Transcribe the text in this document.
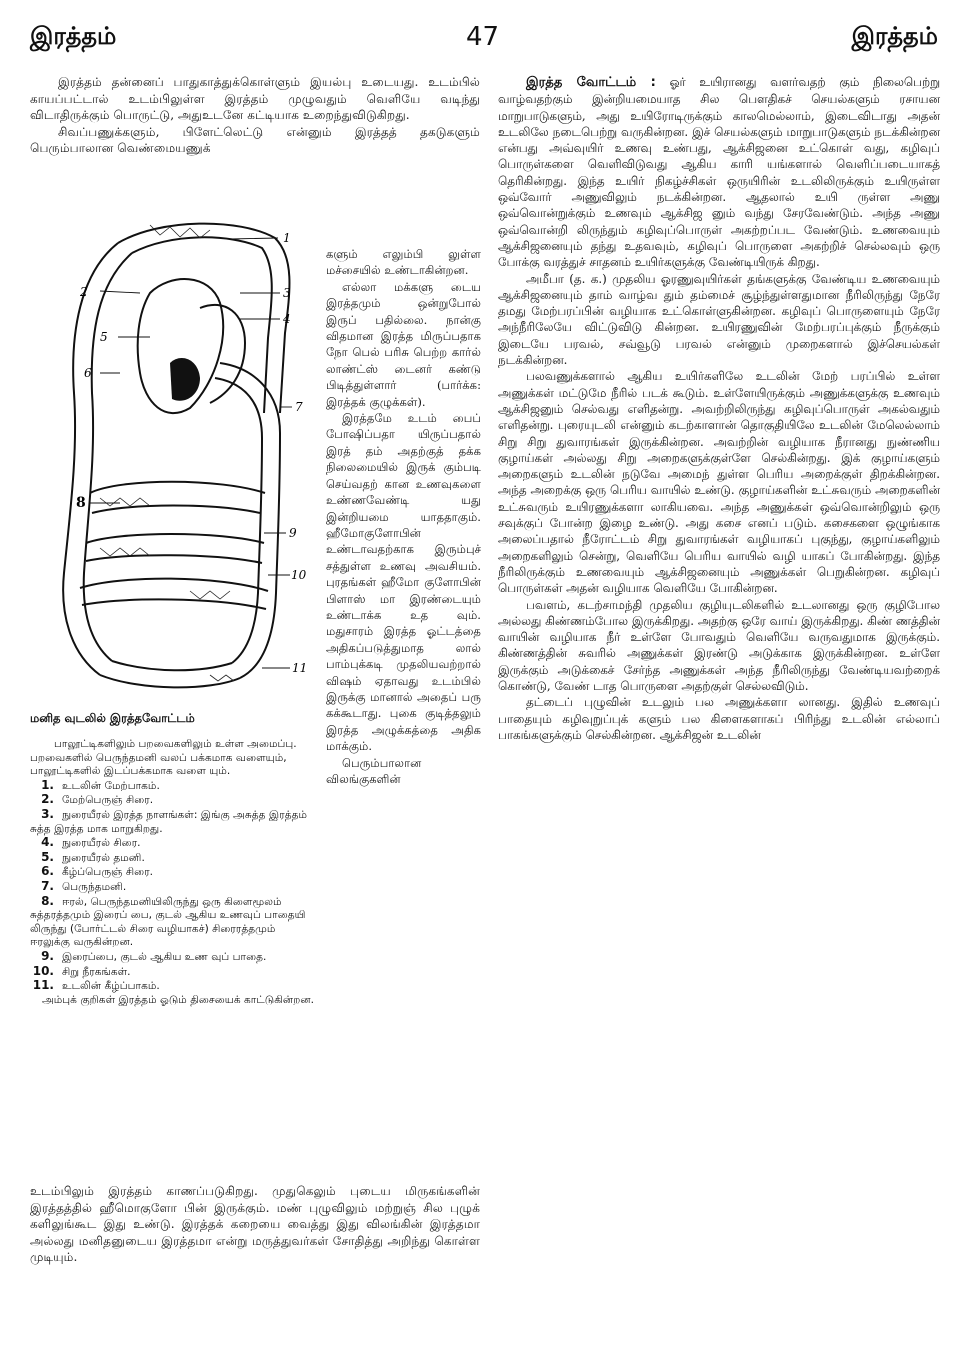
இரத்தம்	47	இரத்தம்

இரத்தம் தன்னைப் பாதுகாத்துக்கொள்ளும் இயல்பு உடையது. உடம்பில் காயப்பட்டால் உடம்பிலுள்ள இரத்தம் முழுவதும் வெளியே வடிந்து விடாதிருக்கும் பொருட்டு, அதுஉடனே கட்டியாக உறைந்துவிடுகிறது.

சிவப்பணுக்களும், பிளேட்லெட்டு என்னும் இரத்தத் தகடுகளும் பெரும்பாலான வெண்மையணுக்

1
2	3
4
5
6
7
8
9
10
11

களும் எலும்பி லுள்ள மச்சையில் உண்டாகின்றன.

எல்லா மக்களு டைய இரத்தமும் ஒன்றுபோல் இருப் பதில்லை. நான்கு விதமான இரத்த மிருப்பதாக நோ பெல் பரிசு பெற்ற கார்ல் லாண்ட்ஸ் டைனர் கண்டு பிடித்துள்ளார் (பார்க்க: இரத்தக் குழுக்கள்).

இரத்தமே உடம் பைப் போஷிப்பதா யிருப்பதால் இரத் தம் அதற்குத் தக்க நிலைமையில் இருக் கும்படி செய்வதற் கான உணவுகளை உண்ணவேண்டி யது இன்றியமை யாததாகும். ஹீமோகுளோபின் உண்டாவதற்காக இரும்புச் சத்துள்ள உணவு அவசியம். புரதங்கள் ஹீமோ குளோபின் பிளாஸ் மா இரண்டையும் உண்டாக்க உத வும். மதுசாரம் இரத்த ஓட்டத்தை அதிகப்படுத்துமாத லால் பாம்புக்கடி முதலியவற்றால் விஷம் ஏதாவது உடம்பில் இருக்கு மானால் அதைப் பரு கக்கூடாது. புகை குடித்தலும் இரத்த அழுக்கத்தை அதிக மாக்கும்.

பெரும்பாலான விலங்குகளின்

மனித வுடலில் இரத்தவோட்டம்

பாலூட்டிகளிலும் பறவைகளிலும் உள்ள அமைப்பு. பறவைகளில் பெருந்தமனி வலப் பக்கமாக வளையும், பாலூட்டிகளில் இடப்பக்கமாக வளை யும்.

1. உடலின் மேற்பாகம்.
2. மேற்பெருஞ் சிரை.
3. நுரையீரல் இரத்த நாளங்கள்: இங்கு அசுத்த இரத்தம் சுத்த இரத்த மாக மாறுகிறது.
4. நுரையீரல் சிரை.
5. நுரையீரல் தமனி.
6. கீழ்ப்பெருஞ் சிரை.
7. பெருந்தமனி.
8. ஈரல், பெருந்தமனியிலிருந்து ஒரு கிளைமூலம் சுத்தரத்தமும் இரைப் பை, குடல் ஆகிய உணவுப் பாதையி லிருந்து (போர்ட்டல் சிரை வழியாகச்) சிரைரத்தமும் ஈரலுக்கு வருகின்றன.
9. இரைப்பை, குடல் ஆகிய உண வுப் பாதை.
10. சிறு நீரகங்கள்.
11. உடலின் கீழ்ப்பாகம்.

அம்புக் குறிகள் இரத்தம் ஓடும் திசையைக் காட்டுகின்றன.

உடம்பிலும் இரத்தம் காணப்படுகிறது. முதுகெலும் புடைய மிருகங்களின் இரத்தத்தில் ஹீமொகுளோ பின் இருக்கும். மண் புழுவிலும் மற்றுஞ் சில புழுக் களிலுங்கூட இது உண்டு. இரத்தக் கறையை வைத்து இது விலங்கின் இரத்தமா அல்லது மனிதனுடைய இரத்தமா என்று மருத்துவர்கள் சோதித்து அறிந்து கொள்ள முடியும்.

இரத்த வோட்டம் : ஓர் உயிரானது வளர்வதற் கும் நிலைபெற்று வாழ்வதற்கும் இன்றியமையாத சில பௌதிகச் செயல்களும் ரசாயன மாறுபாடுகளும், அது உயிரோடிருக்கும் காலமெல்லாம், இடைவிடாது அதன் உடலிலே நடைபெற்று வருகின்றன. இச் செயல்களும் மாறுபாடுகளும் நடக்கின்றன என்பது அவ்வுயிர் உணவு உண்பது, ஆக்சிஜனை உட்கொள் வது, கழிவுப் பொருள்களை வெளிவிடுவது ஆகிய காரி யங்களால் வெளிப்படையாகத் தெரிகின்றது. இந்த உயிர் நிகழ்ச்சிகள் ஒருயிரின் உடலிலிருக்கும் உயிருள்ள ஒவ்வோர் அணுவிலும் நடக்கின்றன. ஆதலால் உயி ருள்ள அணு ஒவ்வொன்றுக்கும் உணவும் ஆக்சிஜ னும் வந்து சேரவேண்டும். அந்த அணு ஒவ்வொன்றி லிருந்தும் கழிவுப்பொருள் அகற்றப்பட வேண்டும். உணவையும் ஆக்சிஜனையும் தந்து உதவவும், கழிவுப் பொருளை அகற்றிச் செல்லவும் ஒரு போக்கு வரத்துச் சாதனம் உயிர்களுக்கு வேண்டியிருக் கிறது.

அமீபா (த. க.) முதலிய ஓரணுவுயிர்கள் தங்களுக்கு வேண்டிய உணவையும் ஆக்சிஜனையும் தாம் வாழ்வ தும் தம்மைச் சூழ்ந்துள்ளதுமான நீரிலிருந்து நேரே தமது மேற்பரப்பின் வழியாக உட்கொள்ளுகின்றன. கழிவுப் பொருளையும் நேரே அந்நீரிலேயே விட்டுவிடு கின்றன. உயிரணுவின் மேற்பரப்புக்கும் நீருக்கும் இடையே பரவல், சவ்வூடு பரவல் என்னும் முறைகளால் இச்செயல்கள் நடக்கின்றன.

பலவணுக்களால் ஆகிய உயிர்களிலே உடலின் மேற் பரப்பில் உள்ள அணுக்கள் மட்டுமே நீரில் படக் கூடும். உள்ளேயிருக்கும் அணுக்களுக்கு உணவும் ஆக்சிஜனும் செல்வது எளிதன்று. அவற்றிலிருந்து கழிவுப்பொருள் அகல்வதும் எளிதன்று. புரையுடலி என்னும் கடற்காளான் தொகுதியிலே உடலின் மேலெல்லாம் சிறு சிறு துவாரங்கள் இருக்கின்றன. அவற்றின் வழியாக நீரானது நுண்ணிய குழாய்கள் அல்லது சிறு அறைகளுக்குள்ளே செல்கின்றது. இக் குழாய்களும் அறைகளும் உடலின் நடுவே அமைந் துள்ள பெரிய அறைக்குள் திறக்கின்றன. அந்த அறைக்கு ஒரு பெரிய வாயில் உண்டு. குழாய்களின் உட்சுவரும் அறைகளின் உட்சுவரும் உயிரணுக்களா லாகியவை. அந்த அணுக்கள் ஒவ்வொன்றிலும் ஒரு சவுக்குப் போன்ற இழை உண்டு. அது கசை எனப் படும். கசைகளை ஒழுங்காக அலைப்பதால் நீரோட்டம் சிறு துவாரங்கள் வழியாகப் புகுந்து, குழாய்களிலும் அறைகளிலும் சென்று, வெளியே பெரிய வாயில் வழி யாகப் போகின்றது. இந்த நீரிலிருக்கும் உணவையும் ஆக்சிஜனையும் அணுக்கள் பெறுகின்றன. கழிவுப் பொருள்கள் அதன் வழியாக வெளியே போகின்றன.

பவளம், கடற்சாமந்தி முதலிய குழியுடலிகளில் உடலானது ஒரு குழிபோல அல்லது கிண்ணம்போல இருக்கிறது. அதற்கு ஒரே வாய் இருக்கிறது. கிண் ணத்தின் வாயின் வழியாக நீர் உள்ளே போவதும் வெளியே வருவதுமாக இருக்கும். கிண்ணத்தின் சுவரில் அணுக்கள் இரண்டு அடுக்காக இருக்கின்றன. உள்ளே இருக்கும் அடுக்கைச் சேர்ந்த அணுக்கள் அந்த நீரிலிருந்து வேண்டியவற்றைக் கொண்டு, வேண் டாத பொருளை அதற்குள் செல்லவிடும்.

தட்டைப் புழுவின் உடலும் பல அணுக்களா லானது. இதில் உணவுப் பாதையும் கழிவுறுப்புக் களும் பல கிளைகளாகப் பிரிந்து உடலின் எல்லாப் பாகங்களுக்கும் செல்கின்றன. ஆக்சிஜன் உடலின்
